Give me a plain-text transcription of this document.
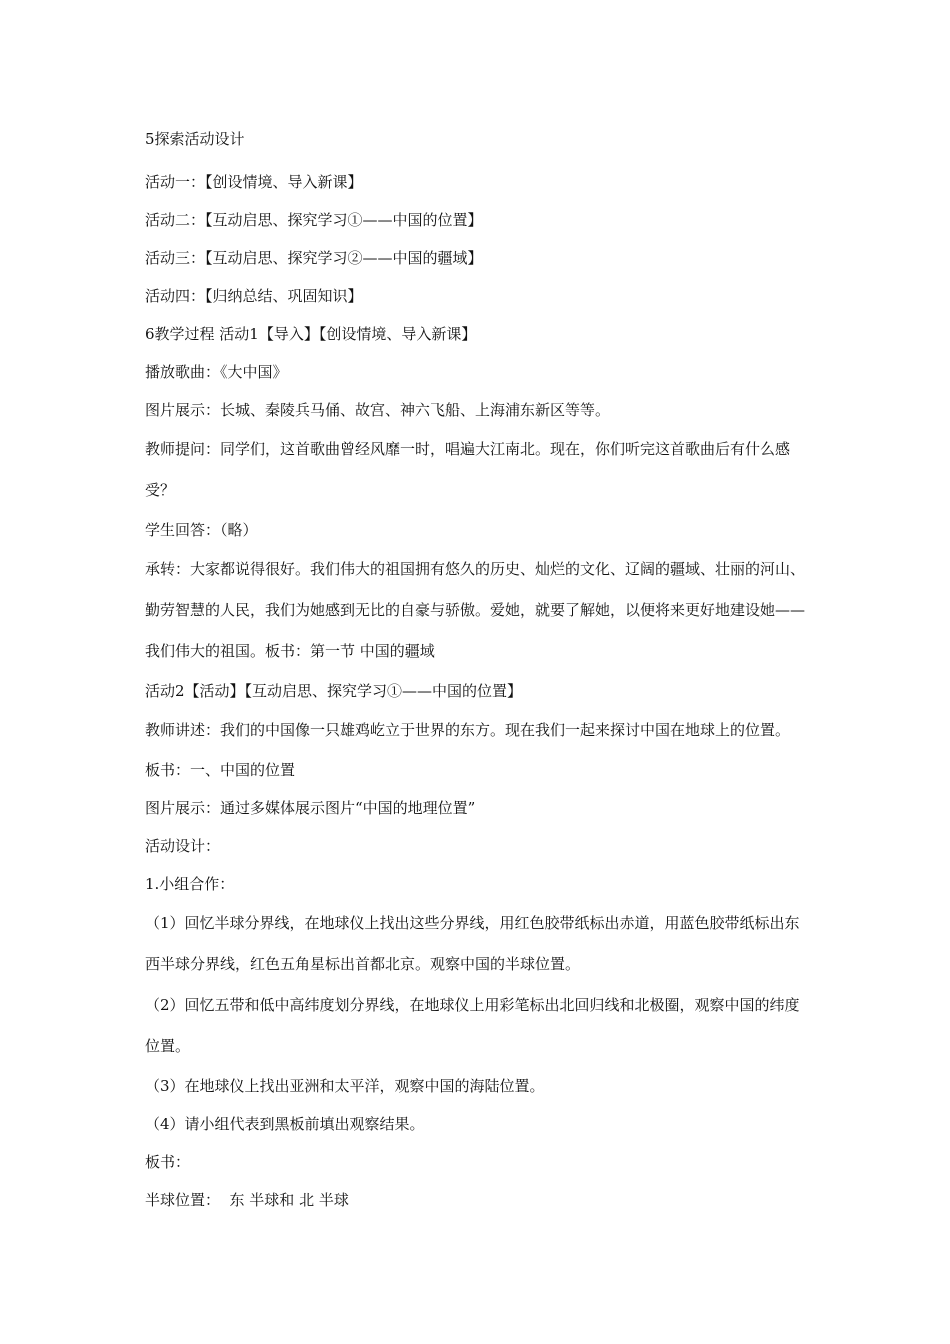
5探索活动设计

活动一：【创设情境、导入新课】

活动二：【互动启思、探究学习①——中国的位置】

活动三：【互动启思、探究学习②——中国的疆域】

活动四：【归纳总结、巩固知识】

6教学过程 活动1【导入】【创设情境、导入新课】

播放歌曲：《大中国》

图片展示：长城、秦陵兵马俑、故宫、神六飞船、上海浦东新区等等。

教师提问：同学们，这首歌曲曾经风靡一时，唱遍大江南北。现在，你们听完这首歌曲后有什么感受？

学生回答：（略）

承转：大家都说得很好。我们伟大的祖国拥有悠久的历史、灿烂的文化、辽阔的疆域、壮丽的河山、勤劳智慧的人民，我们为她感到无比的自豪与骄傲。爱她，就要了解她，以便将来更好地建设她——我们伟大的祖国。板书：第一节 中国的疆域

活动2【活动】【互动启思、探究学习①——中国的位置】

教师讲述：我们的中国像一只雄鸡屹立于世界的东方。现在我们一起来探讨中国在地球上的位置。

板书：一、中国的位置

图片展示：通过多媒体展示图片“中国的地理位置”

活动设计：

1.小组合作：

（1）回忆半球分界线，在地球仪上找出这些分界线，用红色胶带纸标出赤道，用蓝色胶带纸标出东西半球分界线，红色五角星标出首都北京。观察中国的半球位置。

（2）回忆五带和低中高纬度划分界线，在地球仪上用彩笔标出北回归线和北极圈，观察中国的纬度位置。

（3）在地球仪上找出亚洲和太平洋，观察中国的海陆位置。

（4）请小组代表到黑板前填出观察结果。

板书：

半球位置：  东 半球和 北 半球
